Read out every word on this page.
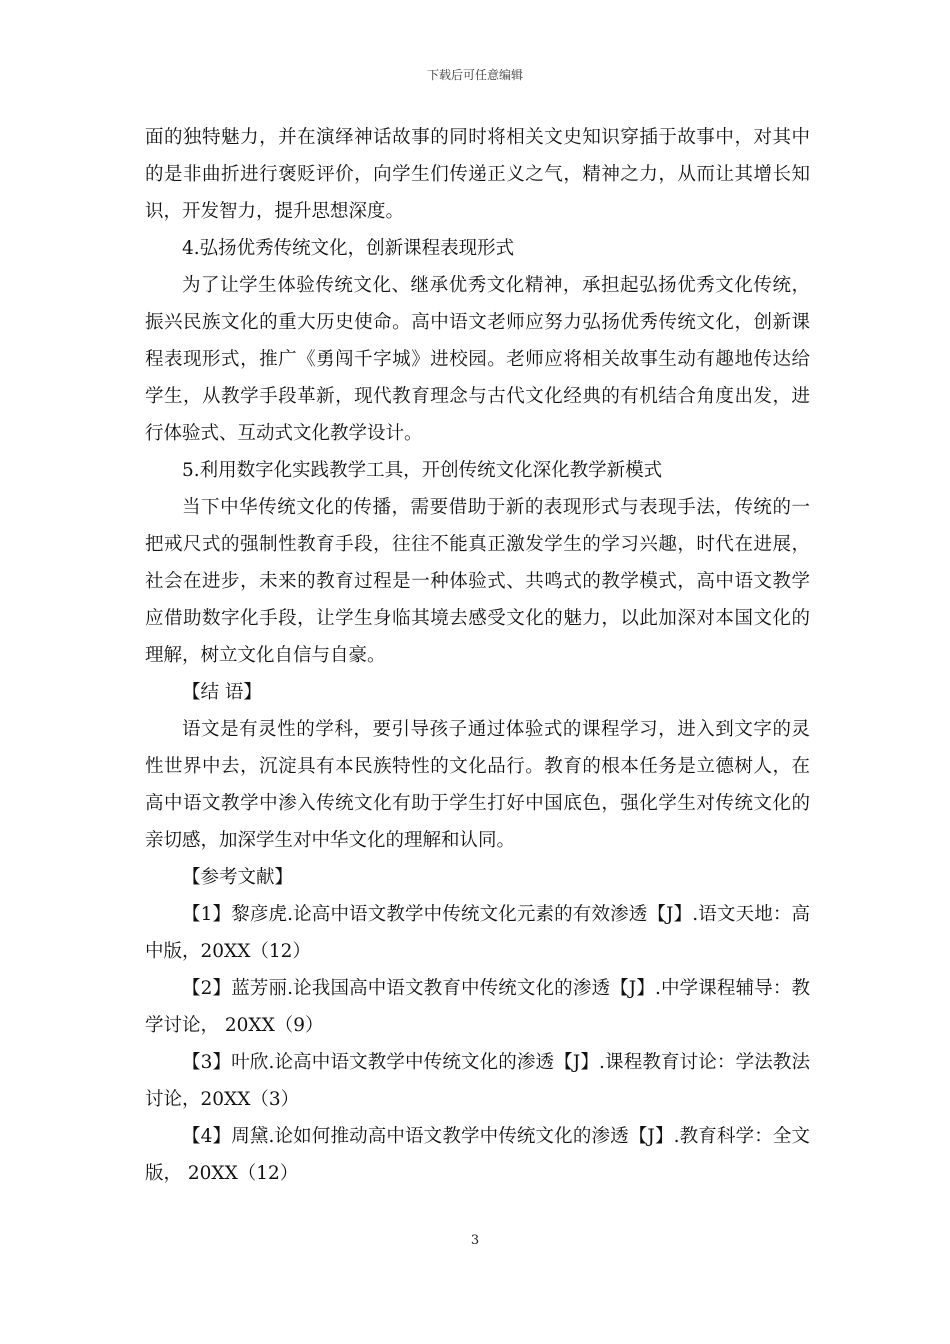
下载后可任意编辑

面的独特魅力，并在演绎神话故事的同时将相关文史知识穿插于故事中，对其中的是非曲折进行褒贬评价，向学生们传递正义之气，精神之力，从而让其增长知识，开发智力，提升思想深度。

4.弘扬优秀传统文化，创新课程表现形式

为了让学生体验传统文化、继承优秀文化精神，承担起弘扬优秀文化传统，振兴民族文化的重大历史使命。高中语文老师应努力弘扬优秀传统文化，创新课程表现形式，推广《勇闯千字城》进校园。老师应将相关故事生动有趣地传达给学生，从教学手段革新，现代教育理念与古代文化经典的有机结合角度出发，进行体验式、互动式文化教学设计。

5.利用数字化实践教学工具，开创传统文化深化教学新模式

当下中华传统文化的传播，需要借助于新的表现形式与表现手法，传统的一把戒尺式的强制性教育手段，往往不能真正激发学生的学习兴趣，时代在进展，社会在进步，未来的教育过程是一种体验式、共鸣式的教学模式，高中语文教学应借助数字化手段，让学生身临其境去感受文化的魅力，以此加深对本国文化的理解，树立文化自信与自豪。

【结 语】

语文是有灵性的学科，要引导孩子通过体验式的课程学习，进入到文字的灵性世界中去，沉淀具有本民族特性的文化品行。教育的根本任务是立德树人，在高中语文教学中渗入传统文化有助于学生打好中国底色，强化学生对传统文化的亲切感，加深学生对中华文化的理解和认同。

【参考文献】

【1】黎彦虎.论高中语文教学中传统文化元素的有效渗透【J】.语文天地：高中版，20XX（12）

【2】蓝芳丽.论我国高中语文教育中传统文化的渗透【J】.中学课程辅导：教学讨论， 20XX（9）

【3】叶欣.论高中语文教学中传统文化的渗透【J】.课程教育讨论：学法教法讨论，20XX（3）

【4】周黛.论如何推动高中语文教学中传统文化的渗透【J】.教育科学：全文版， 20XX（12）

3
